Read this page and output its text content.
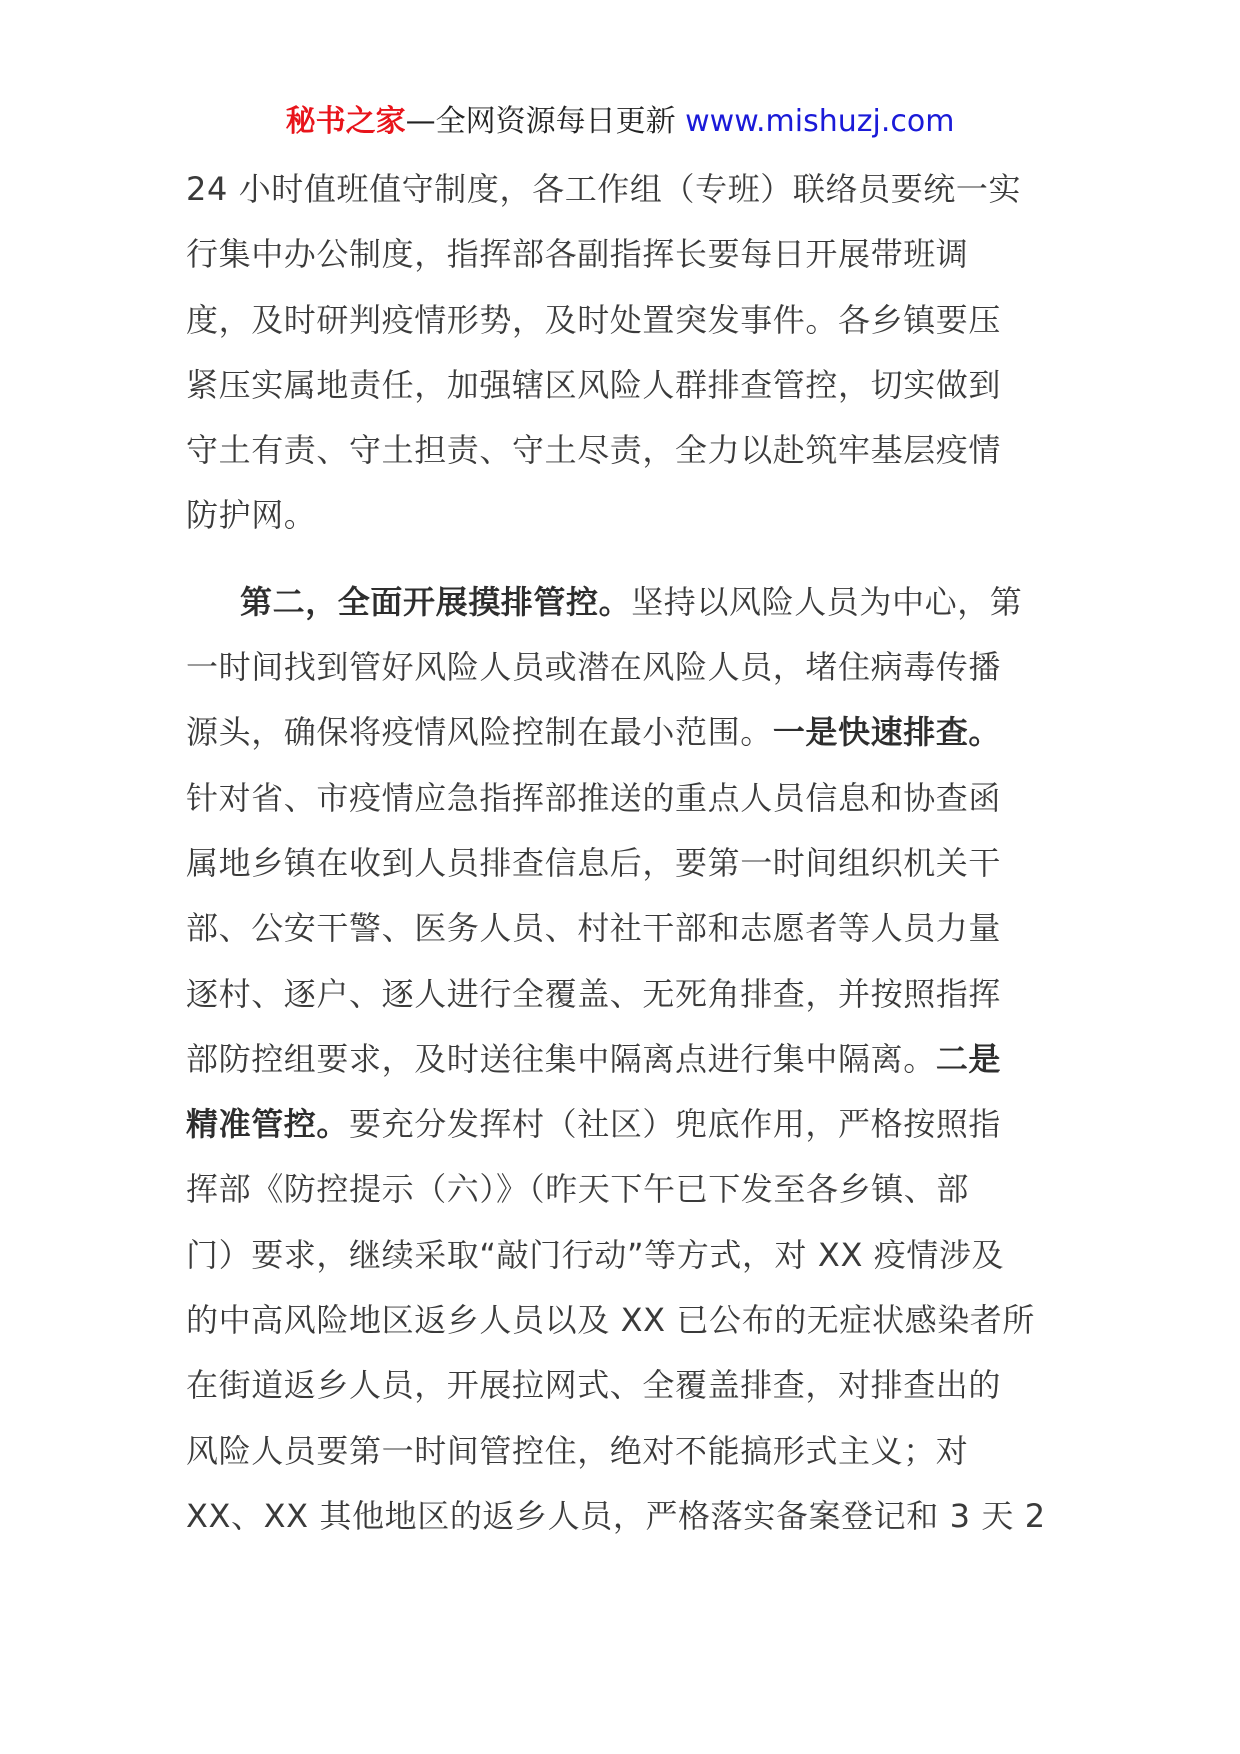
秘书之家—全网资源每日更新 www.mishuzj.com
24 小时值班值守制度，各工作组（专班）联络员要统一实
行集中办公制度，指挥部各副指挥长要每日开展带班调
度，及时研判疫情形势，及时处置突发事件。各乡镇要压
紧压实属地责任，加强辖区风险人群排查管控，切实做到
守土有责、守土担责、守土尽责，全力以赴筑牢基层疫情
防护网。
第二，全面开展摸排管控。坚持以风险人员为中心，第
一时间找到管好风险人员或潜在风险人员，堵住病毒传播
源头，确保将疫情风险控制在最小范围。一是快速排查。
针对省、市疫情应急指挥部推送的重点人员信息和协查函
属地乡镇在收到人员排查信息后，要第一时间组织机关干
部、公安干警、医务人员、村社干部和志愿者等人员力量
逐村、逐户、逐人进行全覆盖、无死角排查，并按照指挥
部防控组要求，及时送往集中隔离点进行集中隔离。二是
精准管控。要充分发挥村（社区）兜底作用，严格按照指
挥部《防控提示（六）》（昨天下午已下发至各乡镇、部
门）要求，继续采取“敲门行动”等方式，对 XX 疫情涉及
的中高风险地区返乡人员以及 XX 已公布的无症状感染者所
在街道返乡人员，开展拉网式、全覆盖排查，对排查出的
风险人员要第一时间管控住，绝对不能搞形式主义；对
XX、XX 其他地区的返乡人员，严格落实备案登记和 3 天 2
